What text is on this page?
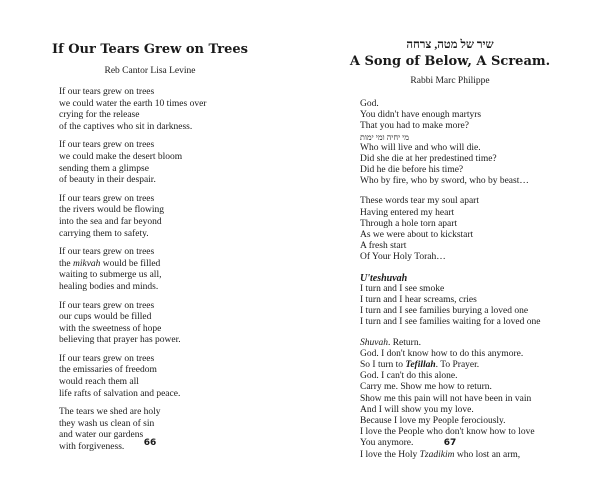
If Our Tears Grew on Trees
Reb Cantor Lisa Levine
If our tears grew on trees
we could water the earth 10 times over
crying for the release
of the captives who sit in darkness.
If our tears grew on trees
we could make the desert bloom
sending them a glimpse
of beauty in their despair.
If our tears grew on trees
the rivers would be flowing
into the sea and far beyond
carrying them to safety.
If our tears grew on trees
the mikvah would be filled
waiting to submerge us all,
healing bodies and minds.
If our tears grew on trees
our cups would be filled
with the sweetness of hope
believing that prayer has power.
If our tears grew on trees
the emissaries of freedom
would reach them all
life rafts of salvation and peace.
The tears we shed are holy
they wash us clean of sin
and water our gardens
with forgiveness.	66
שיר של מטה, צרחה
A Song of Below, A Scream.
Rabbi Marc Philippe
God.
You didn't have enough martyrs
That you had to make more?
מי יחיה ומי ימות
Who will live and who will die.
Did she die at her predestined time?
Did he die before his time?
Who by fire, who by sword, who by beast…
These words tear my soul apart
Having entered my heart
Through a hole torn apart
As we were about to kickstart
A fresh start
Of Your Holy Torah…
U'teshuvah
I turn and I see smoke
I turn and I hear screams, cries
I turn and I see families burying a loved one
I turn and I see families waiting for a loved one
Shuvah. Return.
God. I don't know how to do this anymore.
So I turn to Tefillah. To Prayer.
God. I can't do this alone.
Carry me. Show me how to return.
Show me this pain will not have been in vain
And I will show you my love.
Because I love my People ferociously.
I love the People who don't know how to love
You anymore.
I love the Holy Tzadikim who lost an arm,
67
